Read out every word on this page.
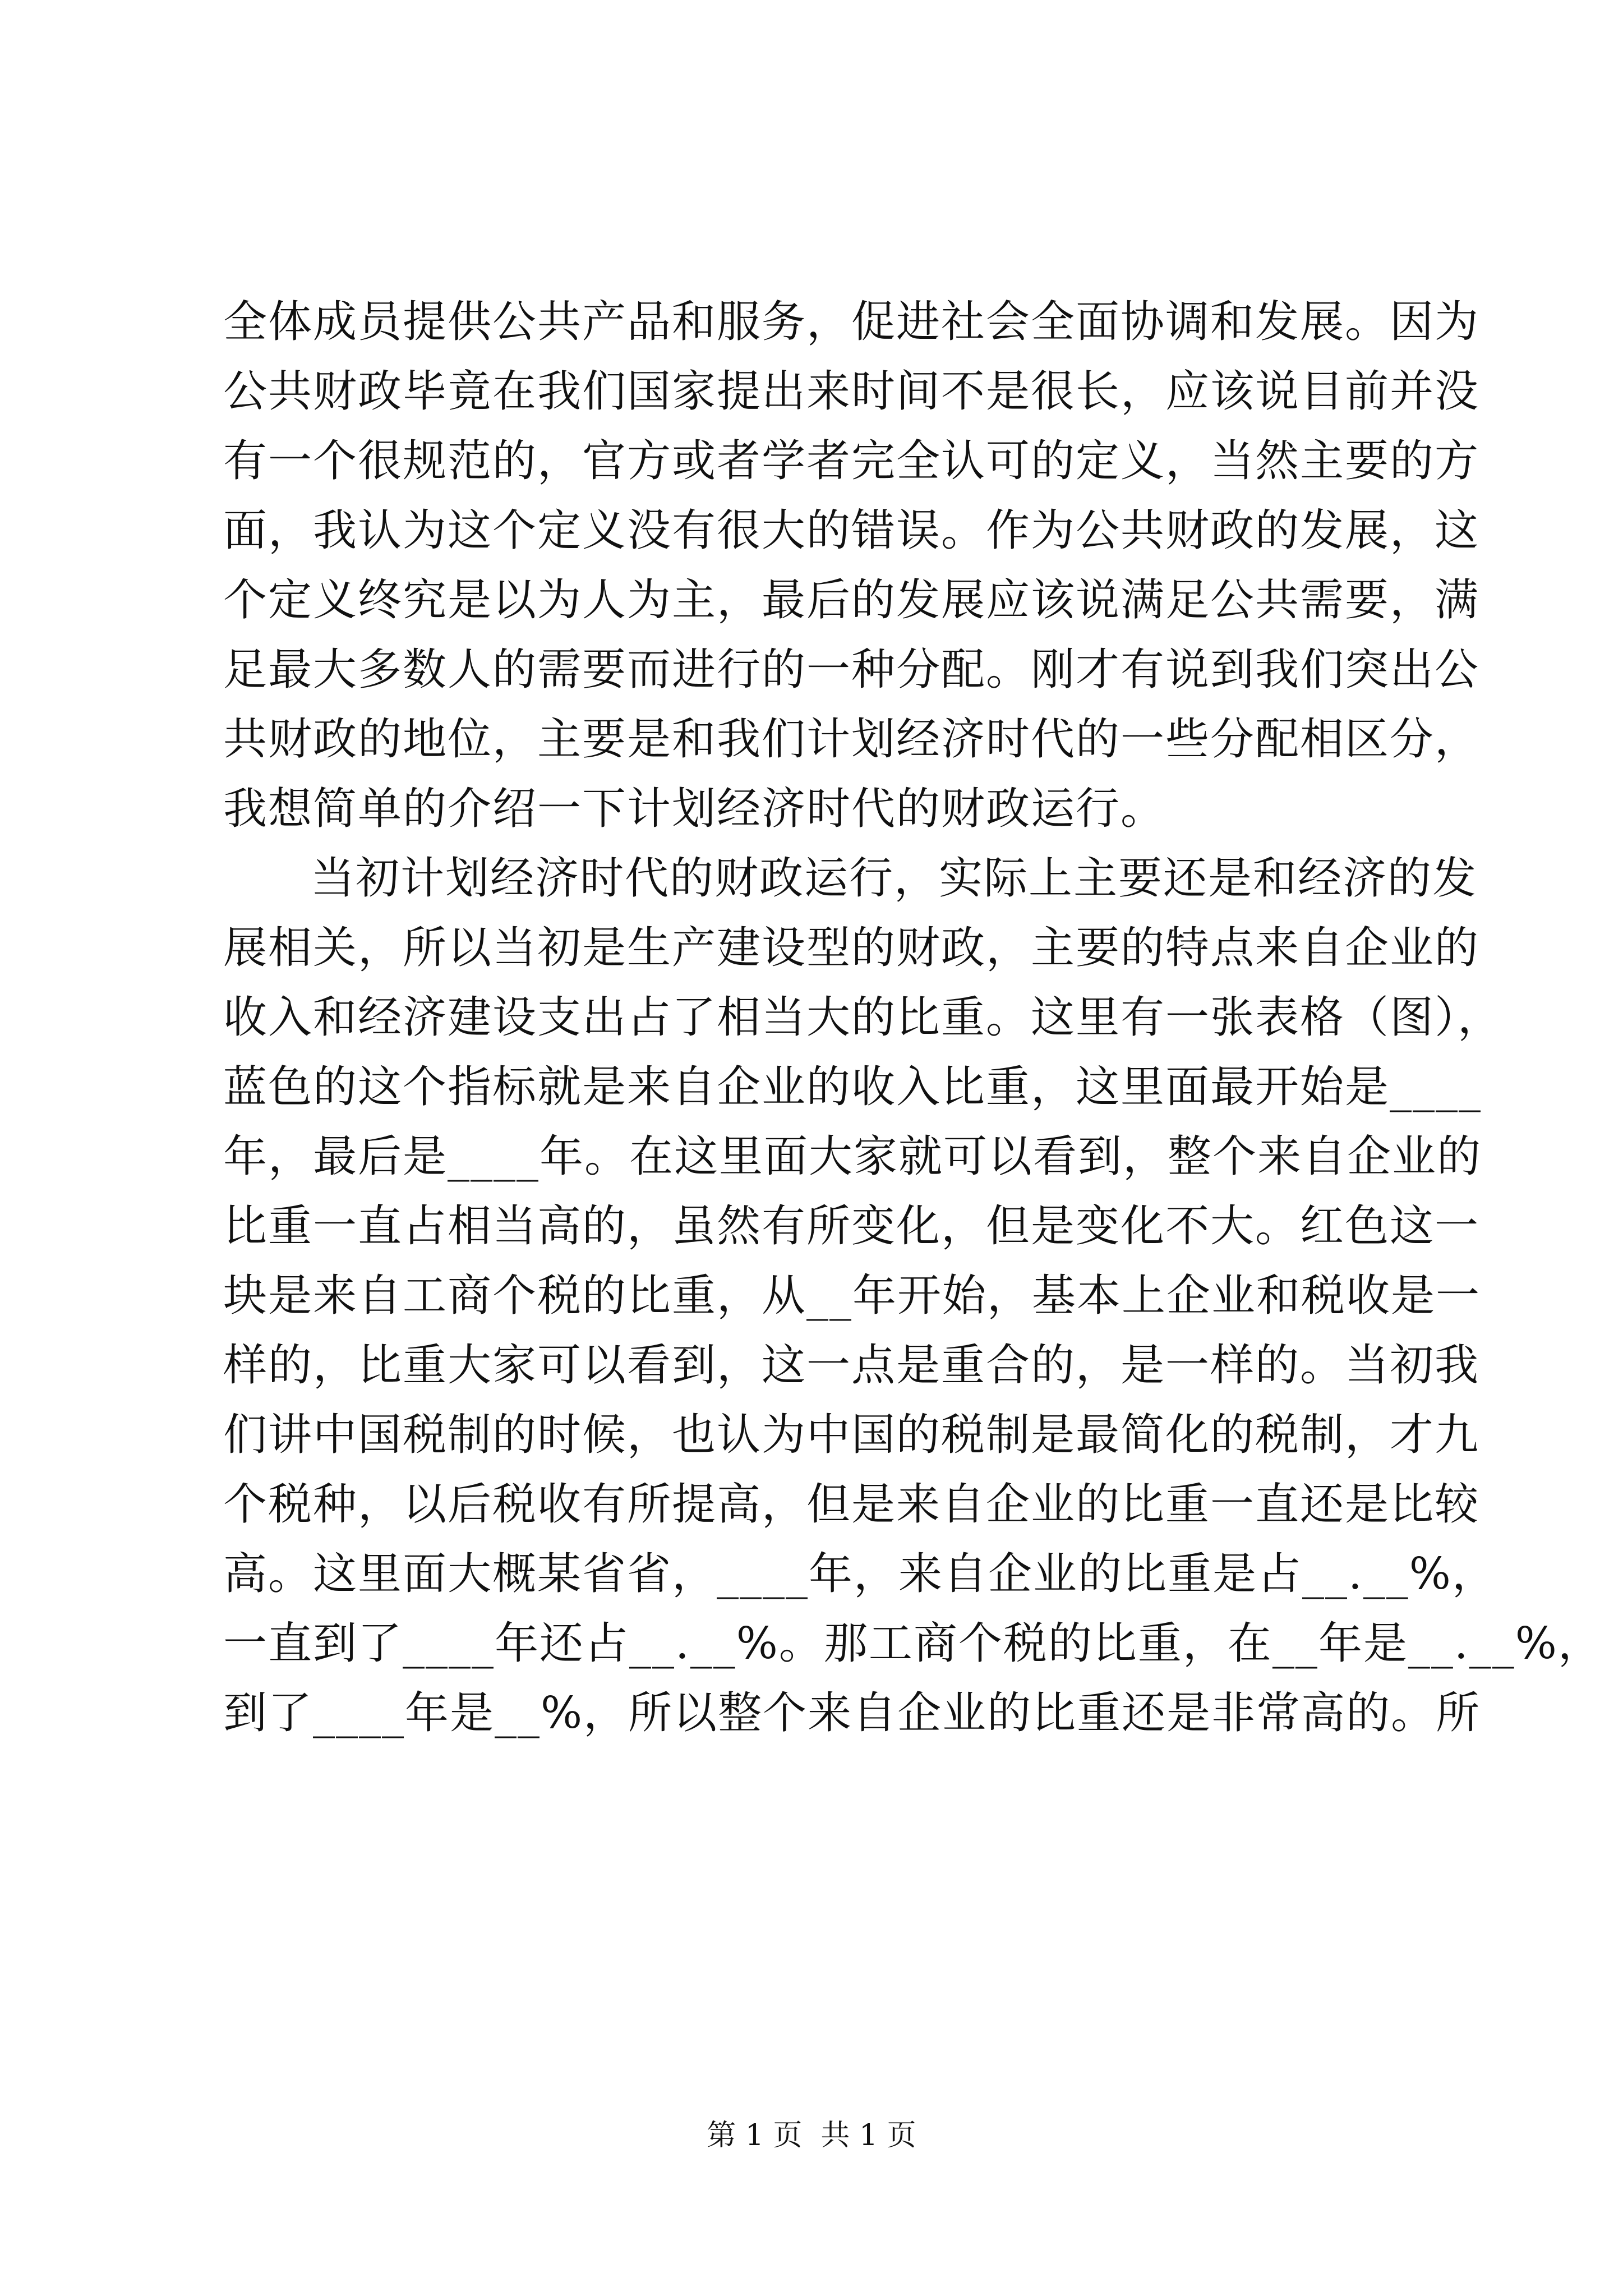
全体成员提供公共产品和服务，促进社会全面协调和发展。因为
公共财政毕竟在我们国家提出来时间不是很长，应该说目前并没
有一个很规范的，官方或者学者完全认可的定义，当然主要的方
面，我认为这个定义没有很大的错误。作为公共财政的发展，这
个定义终究是以为人为主，最后的发展应该说满足公共需要，满
足最大多数人的需要而进行的一种分配。刚才有说到我们突出公
共财政的地位，主要是和我们计划经济时代的一些分配相区分，
我想简单的介绍一下计划经济时代的财政运行。
当初计划经济时代的财政运行，实际上主要还是和经济的发
展相关，所以当初是生产建设型的财政，主要的特点来自企业的
收入和经济建设支出占了相当大的比重。这里有一张表格（图），
蓝色的这个指标就是来自企业的收入比重，这里面最开始是____
年，最后是____年。在这里面大家就可以看到，整个来自企业的
比重一直占相当高的，虽然有所变化，但是变化不大。红色这一
块是来自工商个税的比重，从__年开始，基本上企业和税收是一
样的，比重大家可以看到，这一点是重合的，是一样的。当初我
们讲中国税制的时候，也认为中国的税制是最简化的税制，才九
个税种，以后税收有所提高，但是来自企业的比重一直还是比较
高。这里面大概某省省，____年，来自企业的比重是占__.__%，
一直到了____年还占__.__%。那工商个税的比重，在__年是__.__%，
到了____年是__%，所以整个来自企业的比重还是非常高的。所
第 1 页  共 1 页
